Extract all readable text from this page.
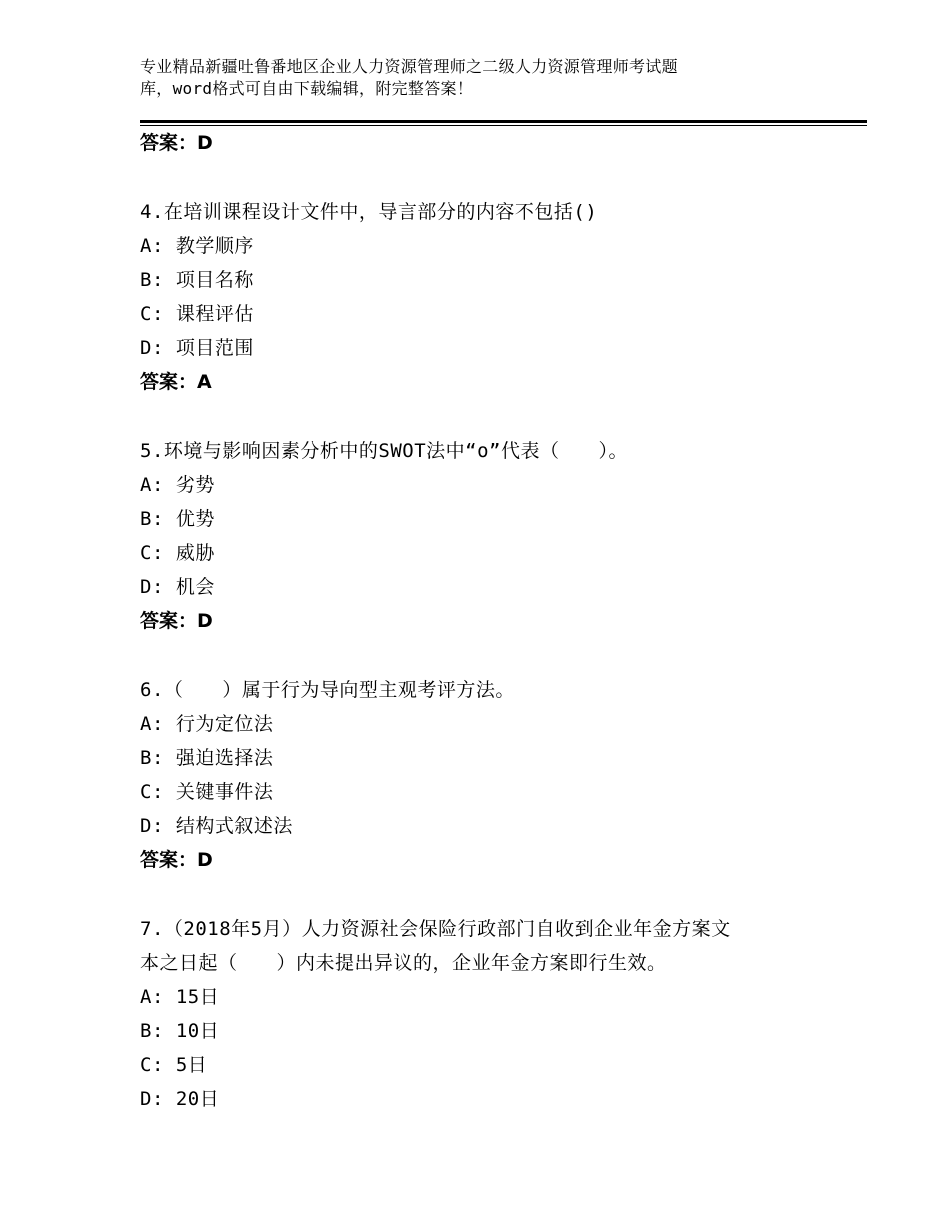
专业精品新疆吐鲁番地区企业人力资源管理师之二级人力资源管理师考试题
库，word格式可自由下载编辑，附完整答案！
答案：D
4.在培训课程设计文件中，导言部分的内容不包括()
A: 教学顺序
B: 项目名称
C: 课程评估
D: 项目范围
答案：A
5.环境与影响因素分析中的SWOT法中“o”代表（　　）。
A: 劣势
B: 优势
C: 威胁
D: 机会
答案：D
6.（　　）属于行为导向型主观考评方法。
A: 行为定位法
B: 强迫选择法
C: 关键事件法
D: 结构式叙述法
答案：D
7.（2018年5月）人力资源社会保险行政部门自收到企业年金方案文
本之日起（　　）内未提出异议的，企业年金方案即行生效。
A: 15日
B: 10日
C: 5日
D: 20日
